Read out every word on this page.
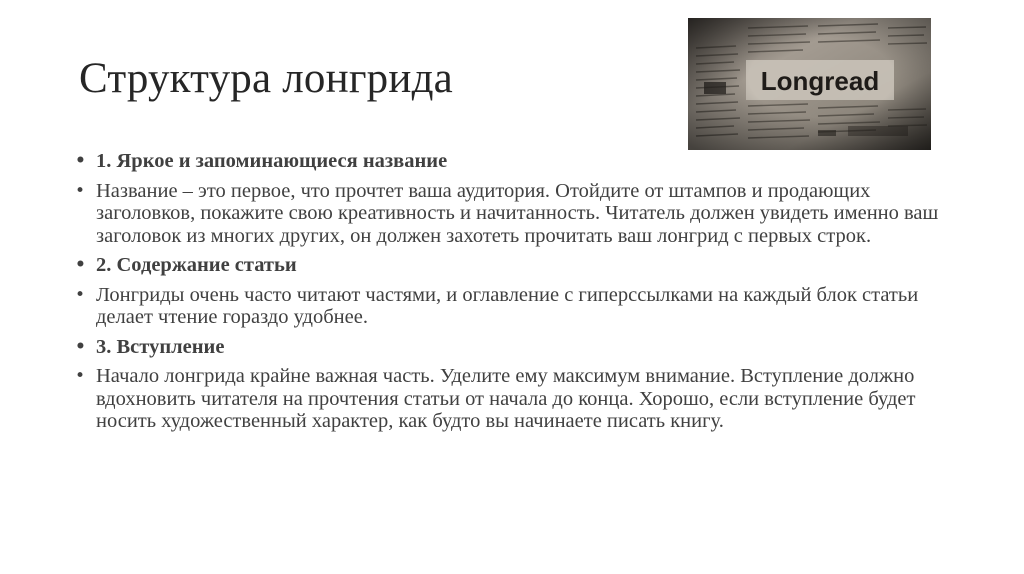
Структура лонгрида	Longread
• 1. Яркое и запоминающиеся название
• Название – это первое, что прочтет ваша аудитория. Отойдите от штампов и продающих заголовков, покажите свою креативность и начитанность. Читатель должен увидеть именно ваш заголовок из многих других, он должен захотеть прочитать ваш лонгрид с первых строк.
• 2. Содержание статьи
• Лонгриды очень часто читают частями, и оглавление с гиперссылками на каждый блок статьи делает чтение гораздо удобнее.
• 3. Вступление
• Начало лонгрида крайне важная часть. Уделите ему максимум внимание. Вступление должно вдохновить читателя на прочтения статьи от начала до конца. Хорошо, если вступление будет носить художественный характер, как будто вы начинаете писать книгу.
